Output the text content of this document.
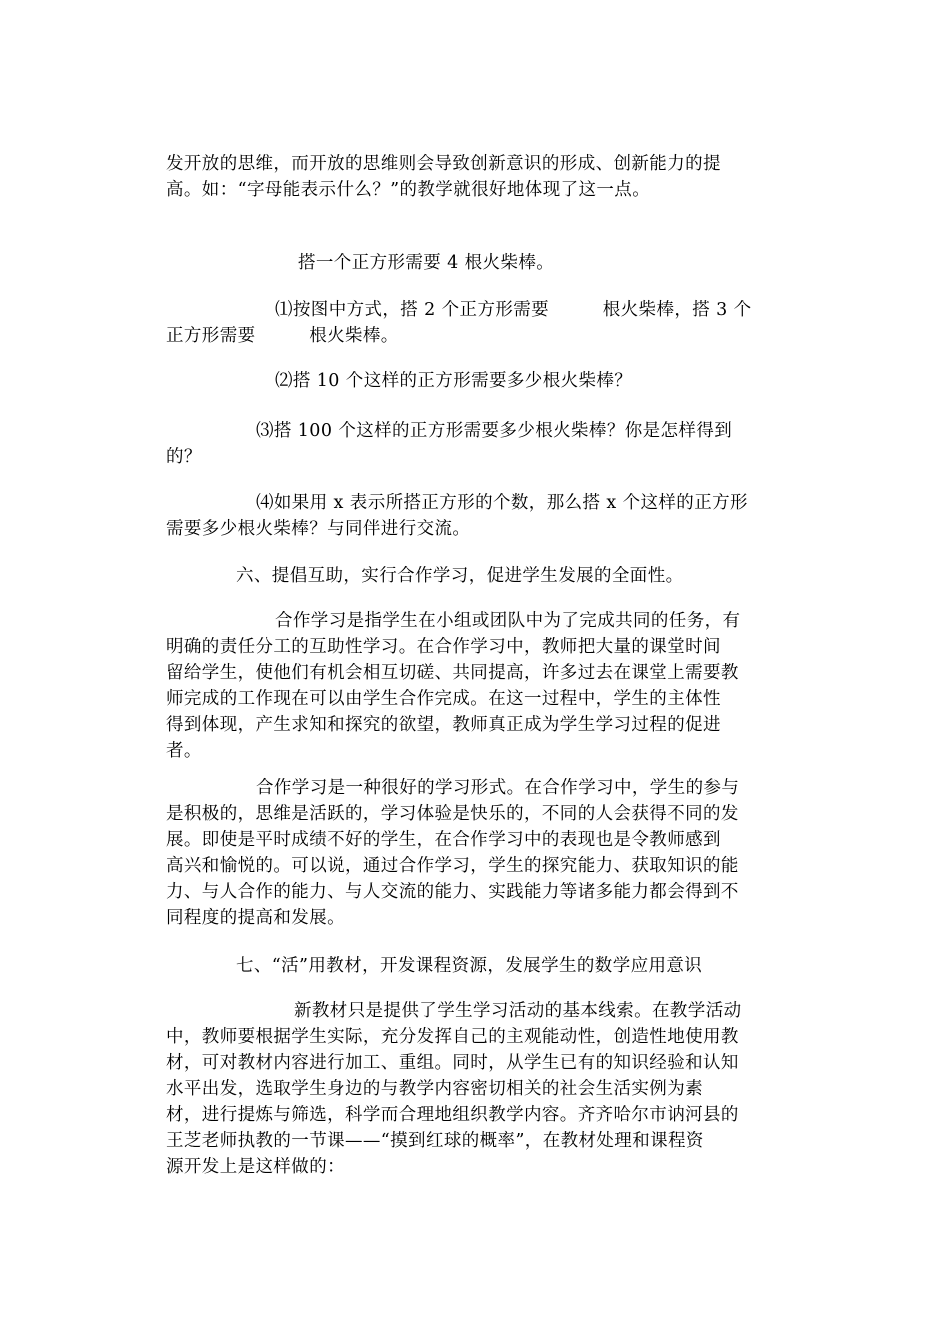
发开放的思维，而开放的思维则会导致创新意识的形成、创新能力的提
高。如：“字母能表示什么？”的教学就很好地体现了这一点。
搭一个正方形需要 4 根火柴棒。
⑴按图中方式，搭 2 个正方形需要　　　根火柴棒，搭 3 个
正方形需要　　　根火柴棒。
⑵搭 10 个这样的正方形需要多少根火柴棒？
⑶搭 100 个这样的正方形需要多少根火柴棒？你是怎样得到
的？
⑷如果用 x 表示所搭正方形的个数，那么搭 x 个这样的正方形
需要多少根火柴棒？与同伴进行交流。
六、提倡互助，实行合作学习，促进学生发展的全面性。
合作学习是指学生在小组或团队中为了完成共同的任务，有
明确的责任分工的互助性学习。在合作学习中，教师把大量的课堂时间
留给学生，使他们有机会相互切磋、共同提高，许多过去在课堂上需要教
师完成的工作现在可以由学生合作完成。在这一过程中，学生的主体性
得到体现，产生求知和探究的欲望，教师真正成为学生学习过程的促进
者。
合作学习是一种很好的学习形式。在合作学习中，学生的参与
是积极的，思维是活跃的，学习体验是快乐的，不同的人会获得不同的发
展。即使是平时成绩不好的学生，在合作学习中的表现也是令教师感到
高兴和愉悦的。可以说，通过合作学习，学生的探究能力、获取知识的能
力、与人合作的能力、与人交流的能力、实践能力等诸多能力都会得到不
同程度的提高和发展。
七、“活”用教材，开发课程资源，发展学生的数学应用意识
新教材只是提供了学生学习活动的基本线索。在教学活动
中，教师要根据学生实际，充分发挥自己的主观能动性，创造性地使用教
材，可对教材内容进行加工、重组。同时，从学生已有的知识经验和认知
水平出发，选取学生身边的与教学内容密切相关的社会生活实例为素
材，进行提炼与筛选，科学而合理地组织教学内容。齐齐哈尔市讷河县的
王芝老师执教的一节课——“摸到红球的概率”，在教材处理和课程资
源开发上是这样做的：
